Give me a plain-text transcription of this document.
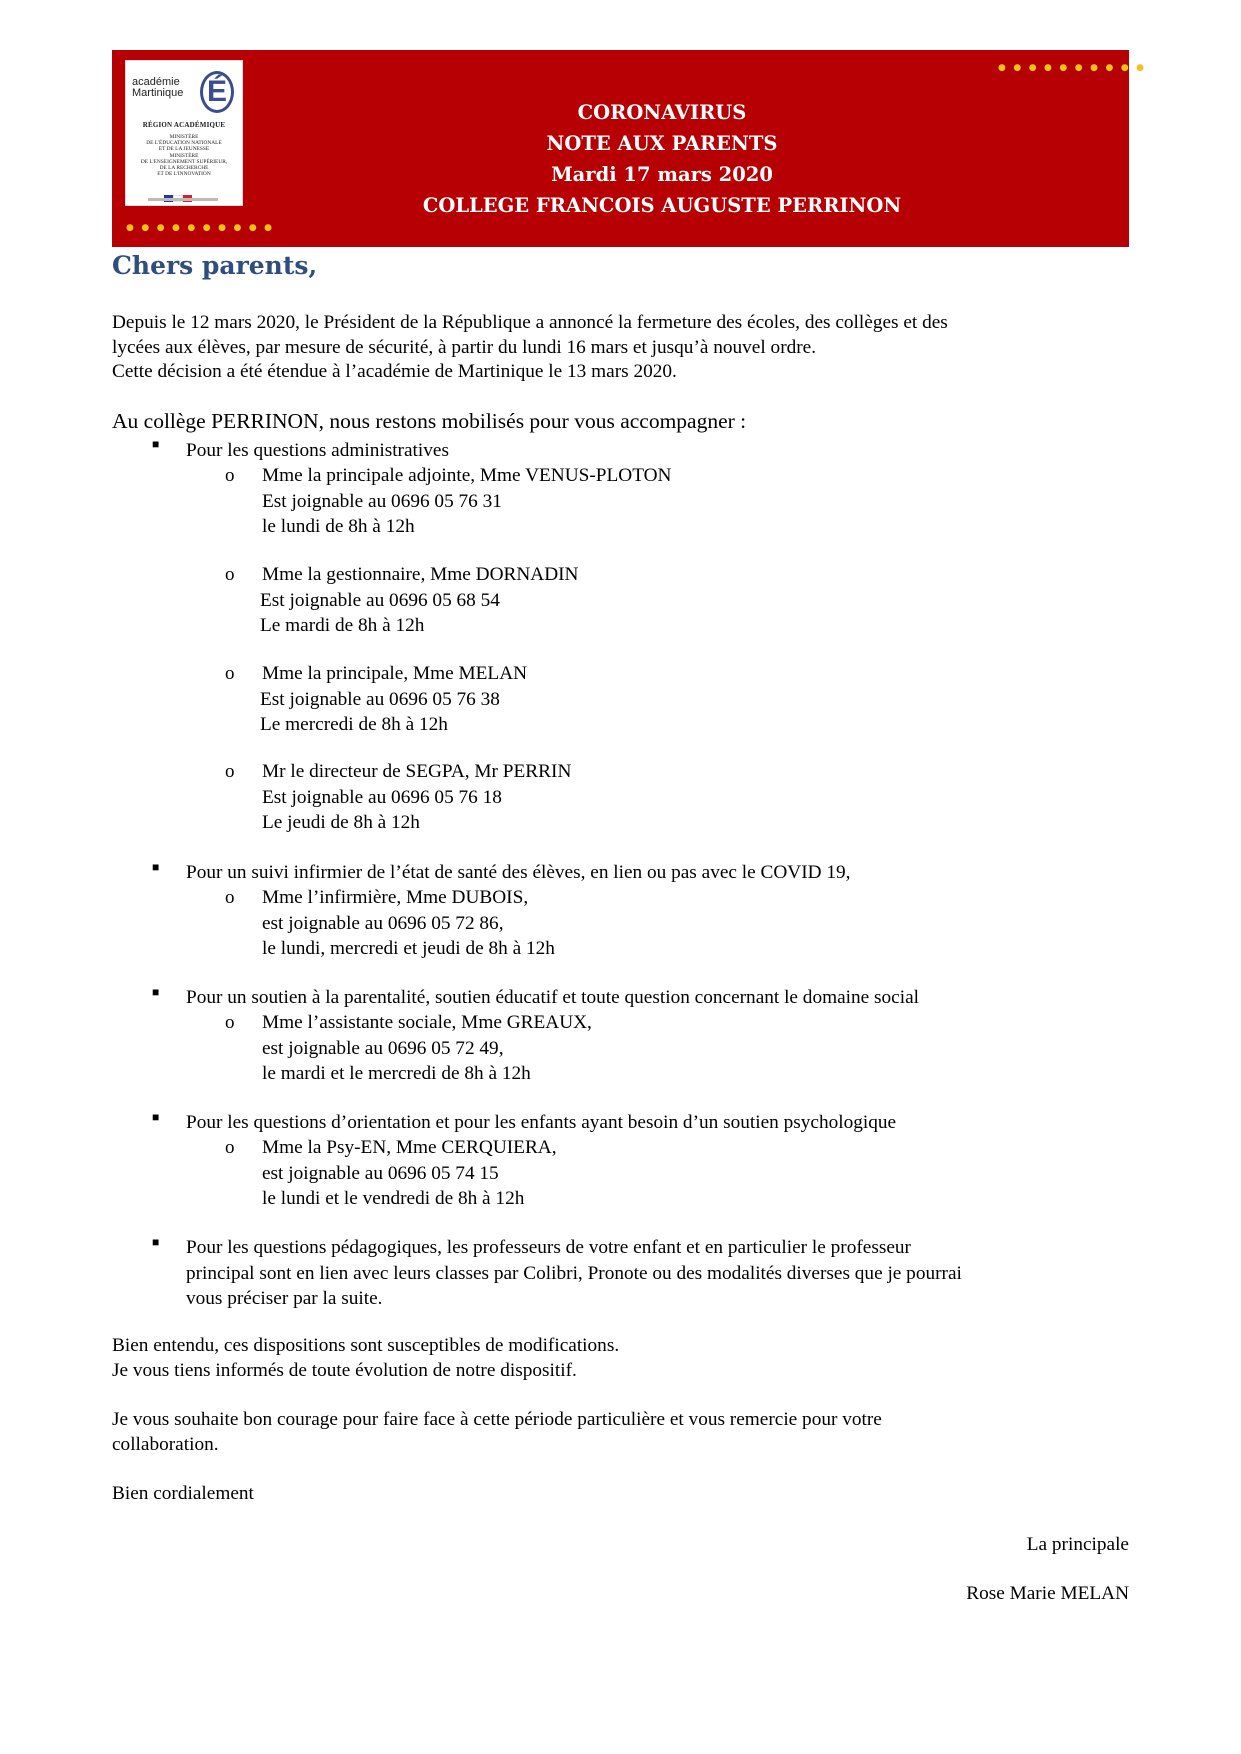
académie
Martinique É
RÉGION ACADÉMIQUE
MINISTÈRE
DE L'ÉDUCATION NATIONALE
ET DE LA JEUNESSE
MINISTÈRE
DE L'ENSEIGNEMENT SUPÉRIEUR,
DE LA RECHERCHE
ET DE L'INNOVATION
●●●●●●●●●●
●●●●●●●●●●
CORONAVIRUS
NOTE AUX PARENTS
Mardi 17 mars 2020
COLLEGE FRANCOIS AUGUSTE PERRINON
Chers parents,
Depuis le 12 mars 2020, le Président de la République a annoncé la fermeture des écoles, des collèges et des
lycées aux élèves, par mesure de sécurité, à partir du lundi 16 mars et jusqu’à nouvel ordre.
Cette décision a été étendue à l’académie de Martinique le 13 mars 2020.
Au collège PERRINON, nous restons mobilisés pour vous accompagner :
■ Pour les questions administratives
o Mme la principale adjointe, Mme VENUS-PLOTON
Est joignable au 0696 05 76 31
le lundi de 8h à 12h
o Mme la gestionnaire, Mme DORNADIN
Est joignable au 0696 05 68 54
Le mardi de 8h à 12h
o Mme la principale, Mme MELAN
Est joignable au 0696 05 76 38
Le mercredi de 8h à 12h
o Mr le directeur de SEGPA, Mr PERRIN
Est joignable au 0696 05 76 18
Le jeudi de 8h à 12h
■ Pour un suivi infirmier de l’état de santé des élèves, en lien ou pas avec le COVID 19,
o Mme l’infirmière, Mme DUBOIS,
est joignable au 0696 05 72 86,
le lundi, mercredi et jeudi de 8h à 12h
■ Pour un soutien à la parentalité, soutien éducatif et toute question concernant le domaine social
o Mme l’assistante sociale, Mme GREAUX,
est joignable au 0696 05 72 49,
le mardi et le mercredi de 8h à 12h
■ Pour les questions d’orientation et pour les enfants ayant besoin d’un soutien psychologique
o Mme la Psy-EN, Mme CERQUIERA,
est joignable au 0696 05 74 15
le lundi et le vendredi de 8h à 12h
■ Pour les questions pédagogiques, les professeurs de votre enfant et en particulier le professeur
principal sont en lien avec leurs classes par Colibri, Pronote ou des modalités diverses que je pourrai
vous préciser par la suite.
Bien entendu, ces dispositions sont susceptibles de modifications.
Je vous tiens informés de toute évolution de notre dispositif.
Je vous souhaite bon courage pour faire face à cette période particulière et vous remercie pour votre
collaboration.
Bien cordialement
La principale
Rose Marie MELAN
